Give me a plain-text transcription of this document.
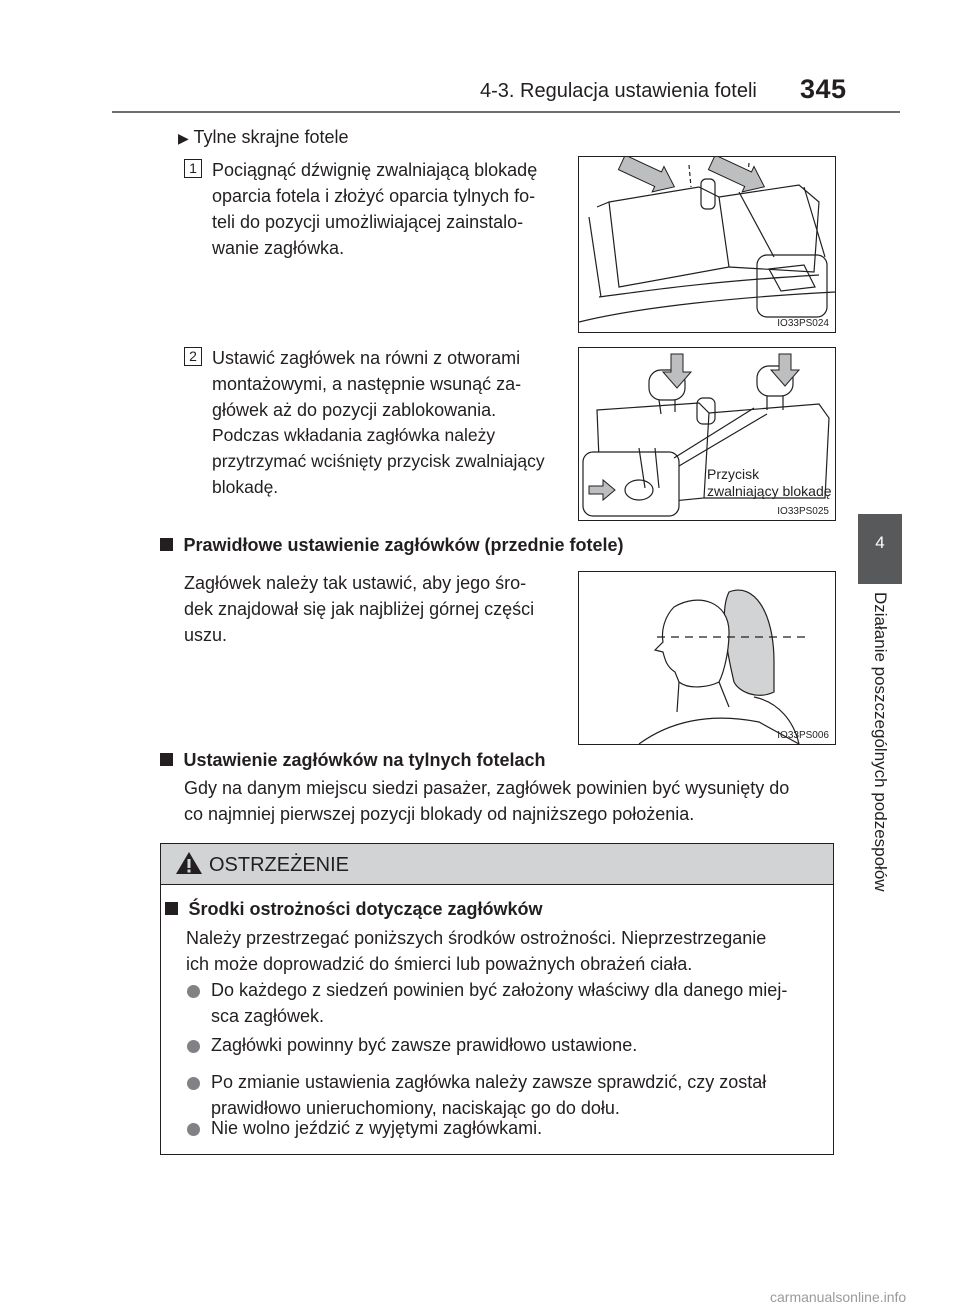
4-3. Regulacja ustawienia foteli 345
4
Działanie poszczególnych podzespołów
▶ Tylne skrajne fotele
1 Pociągnąć dźwignię zwalniającą blokadę
oparcia fotela i złożyć oparcia tylnych fo-
teli do pozycji umożliwiającej zainstalo-
wanie zagłówka.
IO33PS024
2 Ustawić zagłówek na równi z otworami
montażowymi, a następnie wsunąć za-
główek aż do pozycji zablokowania.
Podczas wkładania zagłówka należy
przytrzymać wciśnięty przycisk zwalniający
blokadę.
Przycisk
zwalniający blokadę
IO33PS025
Prawidłowe ustawienie zagłówków (przednie fotele)
Zagłówek należy tak ustawić, aby jego śro-
dek znajdował się jak najbliżej górnej części
uszu.
IO33PS006
Ustawienie zagłówków na tylnych fotelach
Gdy na danym miejscu siedzi pasażer, zagłówek powinien być wysunięty do
co najmniej pierwszej pozycji blokady od najniższego położenia.
OSTRZEŻENIE
Środki ostrożności dotyczące zagłówków
Należy przestrzegać poniższych środków ostrożności. Nieprzestrzeganie
ich może doprowadzić do śmierci lub poważnych obrażeń ciała.
Do każdego z siedzeń powinien być założony właściwy dla danego miej-
sca zagłówek.
Zagłówki powinny być zawsze prawidłowo ustawione.
Po zmianie ustawienia zagłówka należy zawsze sprawdzić, czy został
prawidłowo unieruchomiony, naciskając go do dołu.
Nie wolno jeździć z wyjętymi zagłówkami.
carmanualsonline.info
